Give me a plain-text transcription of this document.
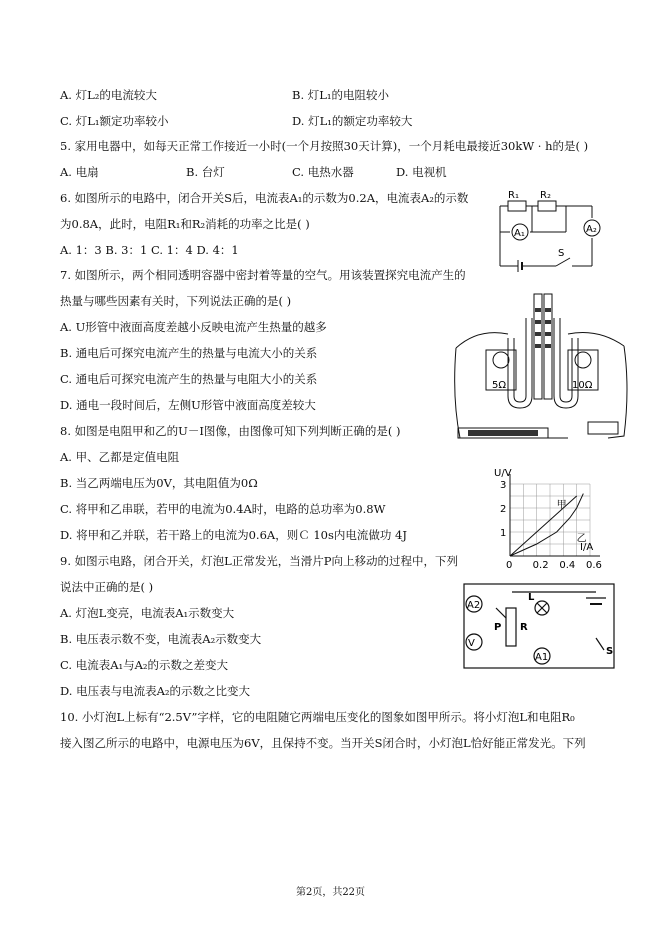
A. 灯L₂的电流较大	B. 灯L₁的电阻较小
C. 灯L₁额定功率较小	D. 灯L₁的额定功率较大
5. 家用电器中，如每天正常工作接近一小时(一个月按照30天计算)，一个月耗电最接近30kW · h的是( )
A. 电扇	B. 台灯	C. 电热水器	D. 电视机
6. 如图所示的电路中，闭合开关S后，电流表A₁的示数为0.2A，电流表A₂的示数
为0.8A，此时，电阻R₁和R₂消耗的功率之比是( )
A. 1：3 B. 3：1 C. 1：4 D. 4：1
7. 如图所示，两个相同透明容器中密封着等量的空气。用该装置探究电流产生的
热量与哪些因素有关时，下列说法正确的是( )
A. U形管中液面高度差越小反映电流产生热量的越多
B. 通电后可探究电流产生的热量与电流大小的关系
C. 通电后可探究电流产生的热量与电阻大小的关系
D. 通电一段时间后，左侧U形管中液面高度差较大
8. 如图是电阻甲和乙的U－I图像，由图像可知下列判断正确的是( )
A. 甲、乙都是定值电阻
B. 当乙两端电压为0V，其电阻值为0Ω
C. 将甲和乙串联，若甲的电流为0.4A时，电路的总功率为0.8W
D. 将甲和乙并联，若干路上的电流为0.6A，则Ｃ 10s内电流做功 4J
9. 如图示电路，闭合开关，灯泡L正常发光，当滑片P向上移动的过程中，下列
说法中正确的是( )
A. 灯泡L变亮，电流表A₁示数变大
B. 电压表示数不变，电流表A₂示数变大
C. 电流表A₁与A₂的示数之差变大
D. 电压表与电流表A₂的示数之比变大
10. 小灯泡L上标有“2.5V”字样，它的电阻随它两端电压变化的图象如图甲所示。将小灯泡L和电阻R₀
接入图乙所示的电路中，电源电压为6V，且保持不变。当开关S闭合时，小灯泡L恰好能正常发光。下列
R₁ R₂
A₁	A₂
S
5Ω	10Ω
0 0.2 0.4 0.6
1
2
3
甲
乙
U/V
I/A
A2
V
P R
L
A1
S
第2页，共22页
